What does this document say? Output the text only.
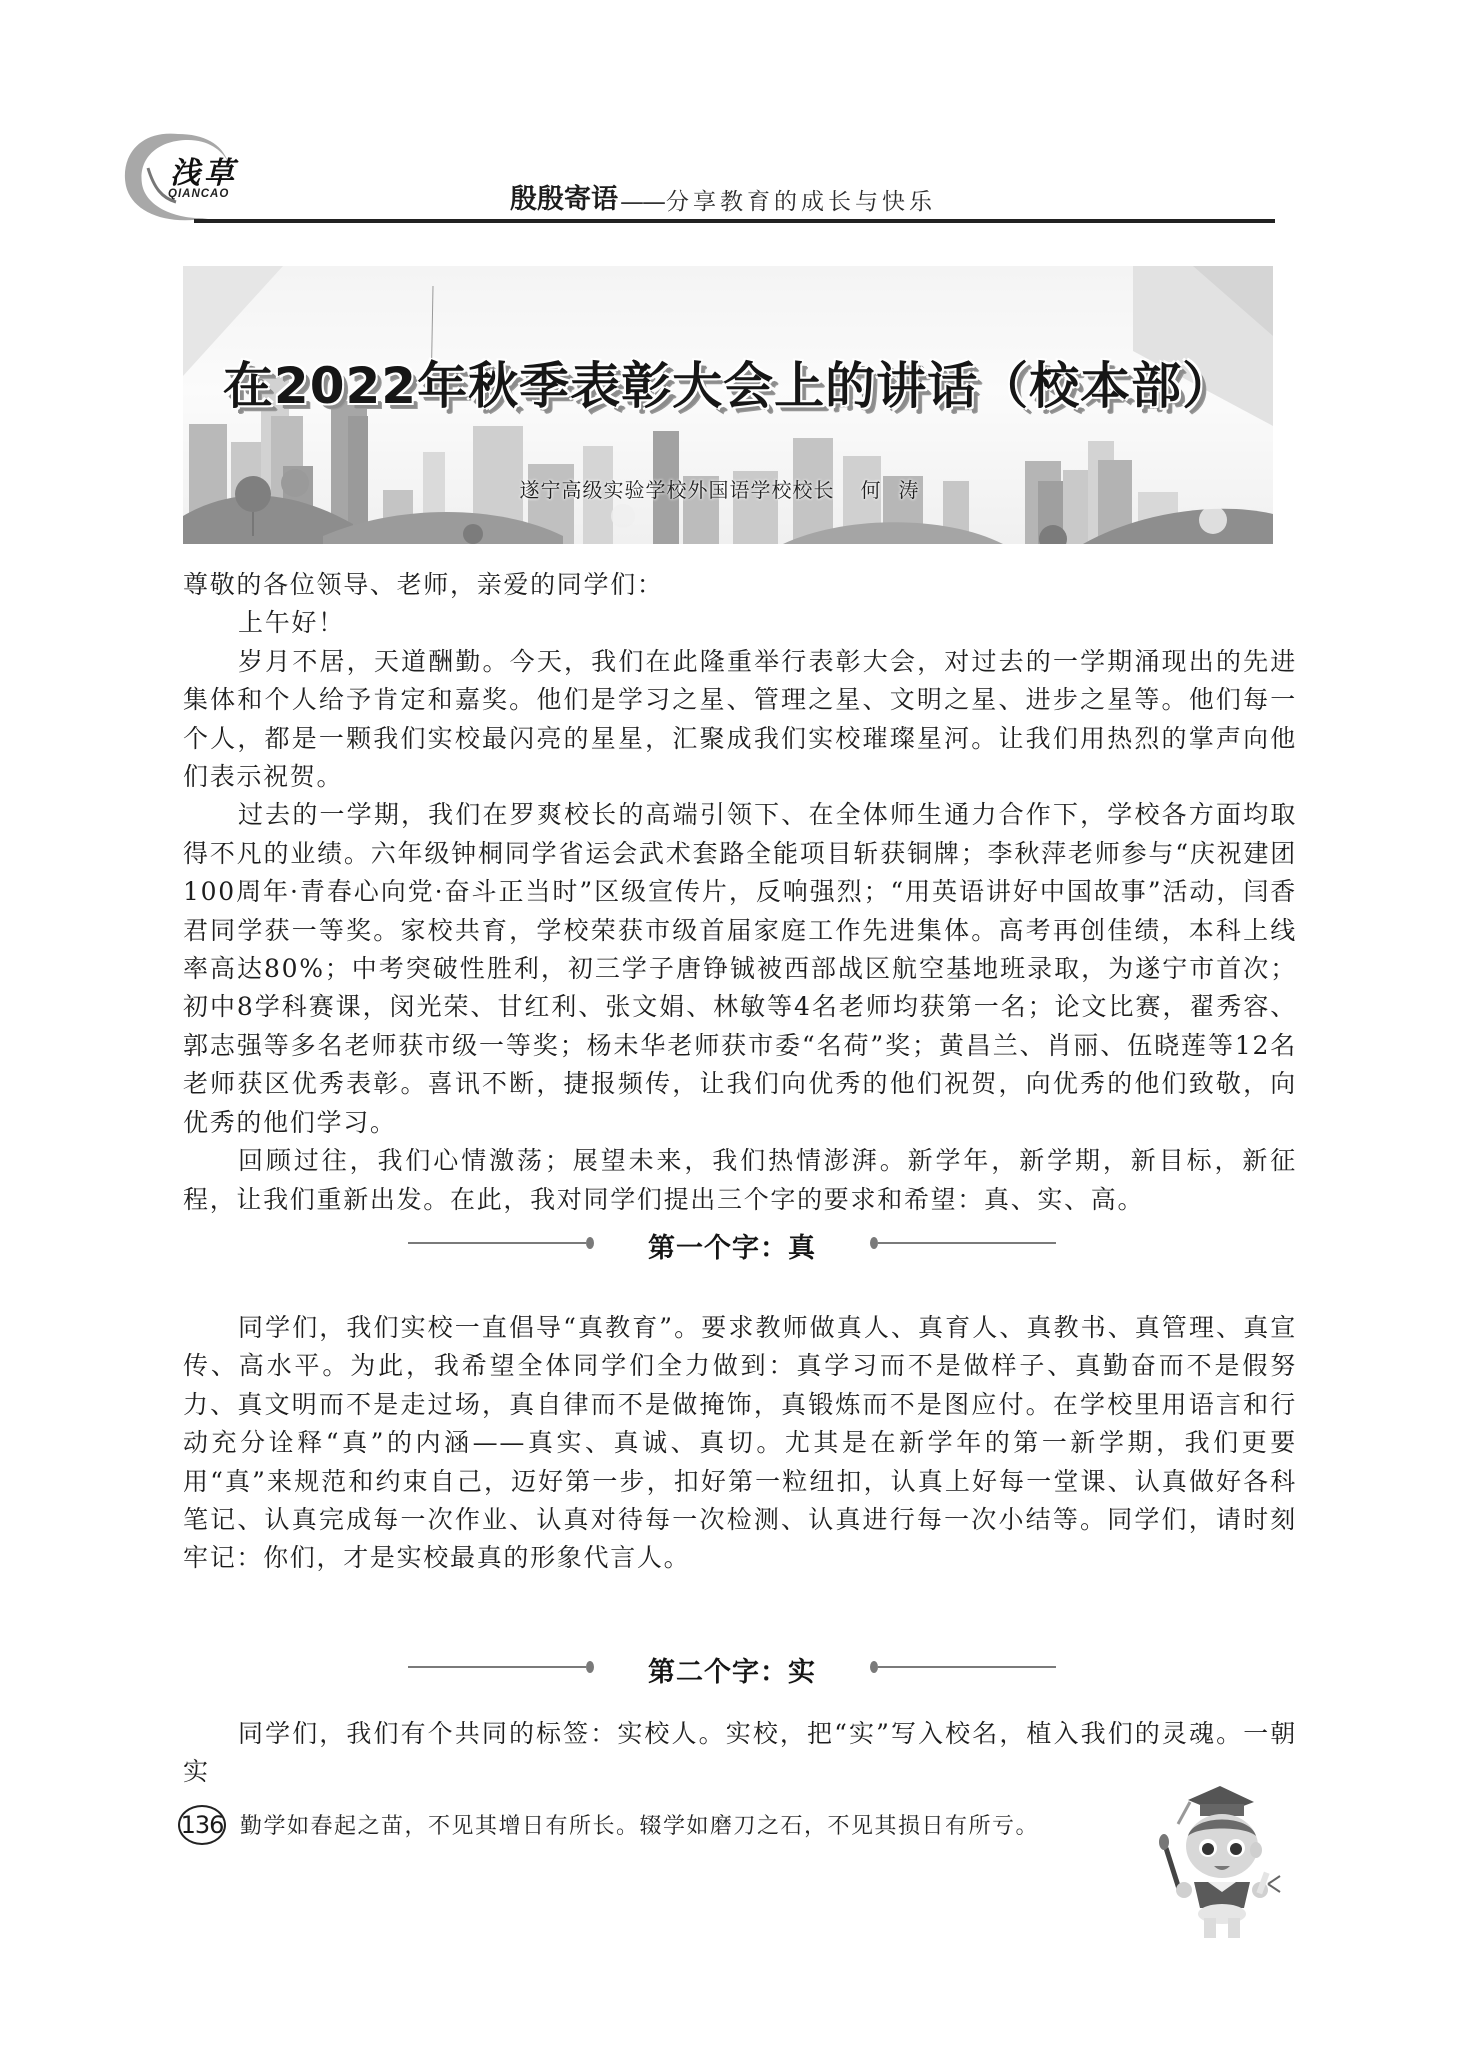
浅草
QIANCAO	殷殷寄语 —— 分享教育的成长与快乐
在2022年秋季表彰大会上的讲话（校本部）
遂宁高级实验学校外国语学校校长 何涛

尊敬的各位领导、老师，亲爱的同学们：

上午好！

岁月不居，天道酬勤。今天，我们在此隆重举行表彰大会，对过去的一学期涌现出的先进集体和个人给予肯定和嘉奖。他们是学习之星、管理之星、文明之星、进步之星等。他们每一个人，都是一颗我们实校最闪亮的星星，汇聚成我们实校璀璨星河。让我们用热烈的掌声向他们表示祝贺。

过去的一学期，我们在罗爽校长的高端引领下、在全体师生通力合作下，学校各方面均取得不凡的业绩。六年级钟桐同学省运会武术套路全能项目斩获铜牌；李秋萍老师参与“庆祝建团100周年·青春心向党·奋斗正当时”区级宣传片，反响强烈；“用英语讲好中国故事”活动，闫香君同学获一等奖。家校共育，学校荣获市级首届家庭工作先进集体。高考再创佳绩，本科上线率高达80%；中考突破性胜利，初三学子唐铮铖被西部战区航空基地班录取，为遂宁市首次；初中8学科赛课，闵光荣、甘红利、张文娟、林敏等4名老师均获第一名；论文比赛，翟秀容、郭志强等多名老师获市级一等奖；杨未华老师获市委“名荷”奖；黄昌兰、肖丽、伍晓莲等12名老师获区优秀表彰。喜讯不断，捷报频传，让我们向优秀的他们祝贺，向优秀的他们致敬，向优秀的他们学习。

回顾过往，我们心情激荡；展望未来，我们热情澎湃。新学年，新学期，新目标，新征程，让我们重新出发。在此，我对同学们提出三个字的要求和希望：真、实、高。

第一个字：真

同学们，我们实校一直倡导“真教育”。要求教师做真人、真育人、真教书、真管理、真宣传、高水平。为此，我希望全体同学们全力做到：真学习而不是做样子、真勤奋而不是假努力、真文明而不是走过场，真自律而不是做掩饰，真锻炼而不是图应付。在学校里用语言和行动充分诠释“真”的内涵——真实、真诚、真切。尤其是在新学年的第一新学期，我们更要用“真”来规范和约束自己，迈好第一步，扣好第一粒纽扣，认真上好每一堂课、认真做好各科笔记、认真完成每一次作业、认真对待每一次检测、认真进行每一次小结等。同学们，请时刻牢记：你们，才是实校最真的形象代言人。

第二个字：实

同学们，我们有个共同的标签：实校人。实校，把“实”写入校名，植入我们的灵魂。一朝实

136 勤学如春起之苗，不见其增日有所长。辍学如磨刀之石，不见其损日有所亏。
